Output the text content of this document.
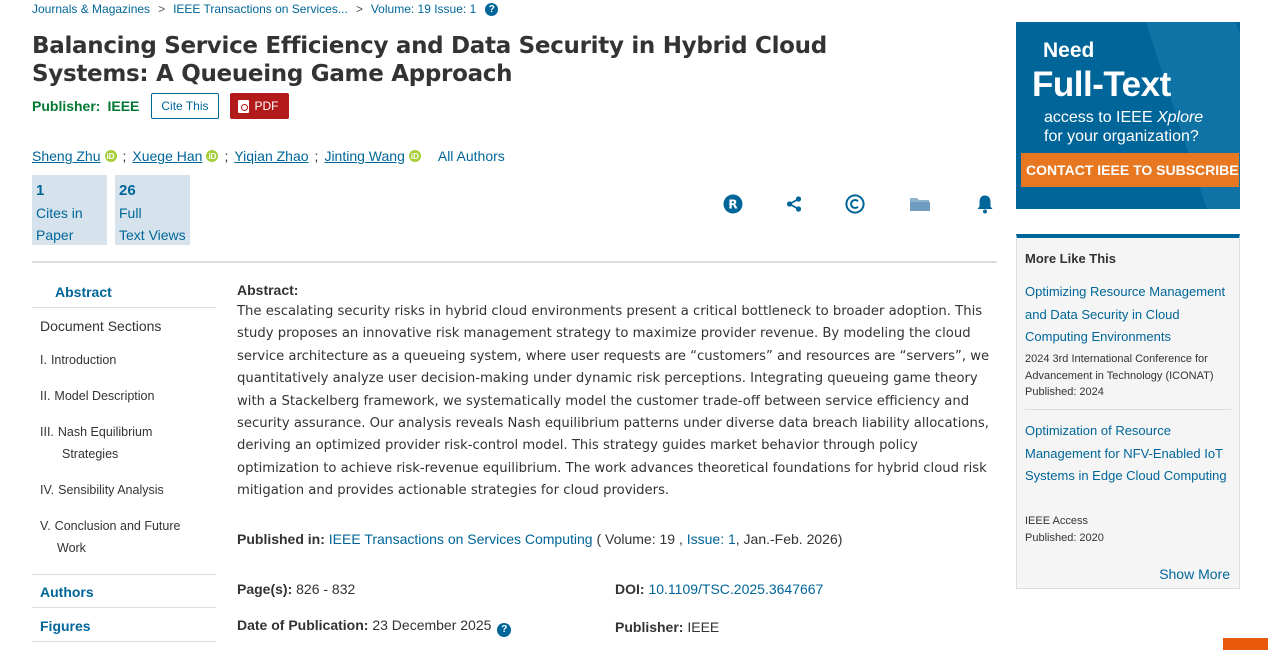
Journals & Magazines > IEEE Transactions on Services... > Volume: 19 Issue: 1	?
Balancing Service Efficiency and Data Security in Hybrid Cloud Systems: A Queueing Game Approach
Publisher: IEEE	Cite This	PDF
Sheng Zhu iD ; Xuege Han iD ; Yiqian Zhao ; Jinting Wang iD All Authors
1
Cites in
Paper
26
Full
Text Views
R
Abstract
Document Sections
I. Introduction
II. Model Description
III. Nash Equilibrium
Strategies
IV. Sensibility Analysis
V. Conclusion and Future
Work
Authors
Figures
Abstract:
The escalating security risks in hybrid cloud environments present a critical bottleneck to broader adoption. This study proposes an innovative risk management strategy to maximize provider revenue. By modeling the cloud service architecture as a queueing system, where user requests are “customers” and resources are “servers”, we quantitatively analyze user decision-making under dynamic risk perceptions. Integrating queueing game theory with a Stackelberg framework, we systematically model the customer trade-off between service efficiency and security assurance. Our analysis reveals Nash equilibrium patterns under diverse data breach liability allocations, deriving an optimized provider risk-control model. This strategy guides market behavior through policy optimization to achieve risk-revenue equilibrium. The work advances theoretical foundations for hybrid cloud risk mitigation and provides actionable strategies for cloud providers.
Published in: IEEE Transactions on Services Computing ( Volume: 19 , Issue: 1, Jan.-Feb. 2026)
Page(s): 826 - 832
Date of Publication: 23 December 2025 ?
DOI: 10.1109/TSC.2025.3647667
Publisher: IEEE
Need
Full-Text
access to IEEE Xplore
for your organization?
CONTACT IEEE TO SUBSCRIBE
More Like This
Optimizing Resource Management and Data Security in Cloud Computing Environments
2024 3rd International Conference for Advancement in Technology (ICONAT)
Published: 2024
Optimization of Resource Management for NFV-Enabled IoT Systems in Edge Cloud Computing
IEEE Access
Published: 2020
Show More
